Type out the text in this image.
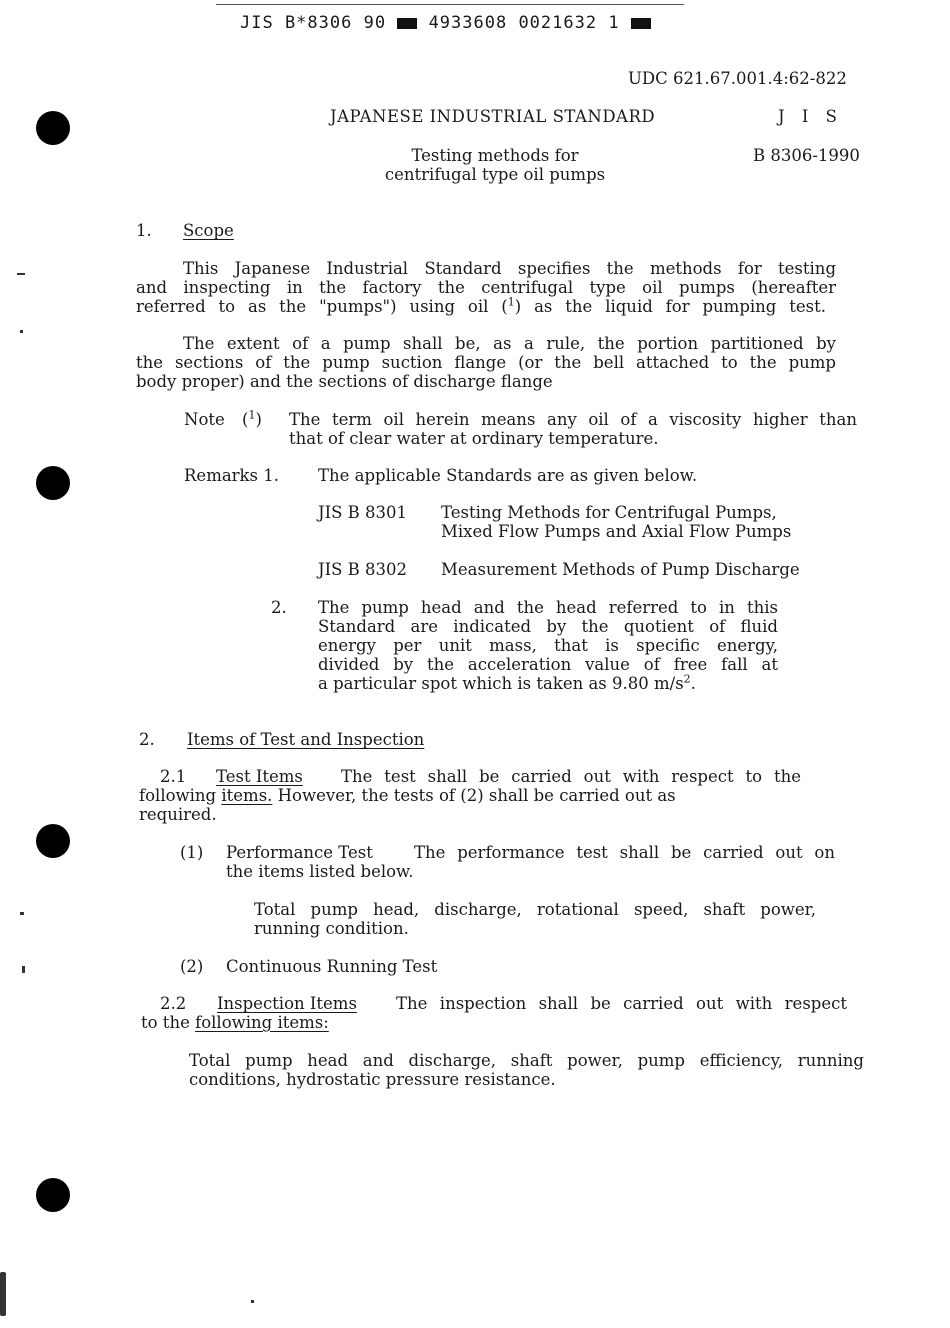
JIS B*8306 90	4933608 0021632 1
UDC 621.67.001.4:62-822
JAPANESE INDUSTRIAL STANDARD	J I S
Testing methods for
centrifugal type oil pumps
B 8306-1990
1. Scope
This Japanese Industrial Standard specifies the methods for testing
and inspecting in the factory the centrifugal type oil pumps (hereafter
referred to as the "pumps") using oil ($^1$) as the liquid for pumping test.
The extent of a pump shall be, as a rule, the portion partitioned by
the sections of the pump suction flange (or the bell attached to the pump
body proper) and the sections of discharge flange
Note ($^1$) The term oil herein means any oil of a viscosity higher than
that of clear water at ordinary temperature.
Remarks 1. The applicable Standards are as given below.
JIS B 8301 Testing Methods for Centrifugal Pumps,
Mixed Flow Pumps and Axial Flow Pumps
JIS B 8302 Measurement Methods of Pump Discharge
2. The pump head and the head referred to in this
Standard are indicated by the quotient of fluid
energy per unit mass, that is specific energy,
divided by the acceleration value of free fall at
a particular spot which is taken as 9.80 $m/s^2$.
2. Items of Test and Inspection
2.1 Test Items The test shall be carried out with respect to the
following items. However, the tests of (2) shall be carried out as
required.
(1) Performance Test The performance test shall be carried out on
the items listed below.
Total pump head, discharge, rotational speed, shaft power,
running condition.
(2) Continuous Running Test
2.2 Inspection Items The inspection shall be carried out with respect
to the following items:
Total pump head and discharge, shaft power, pump efficiency, running
conditions, hydrostatic pressure resistance.
